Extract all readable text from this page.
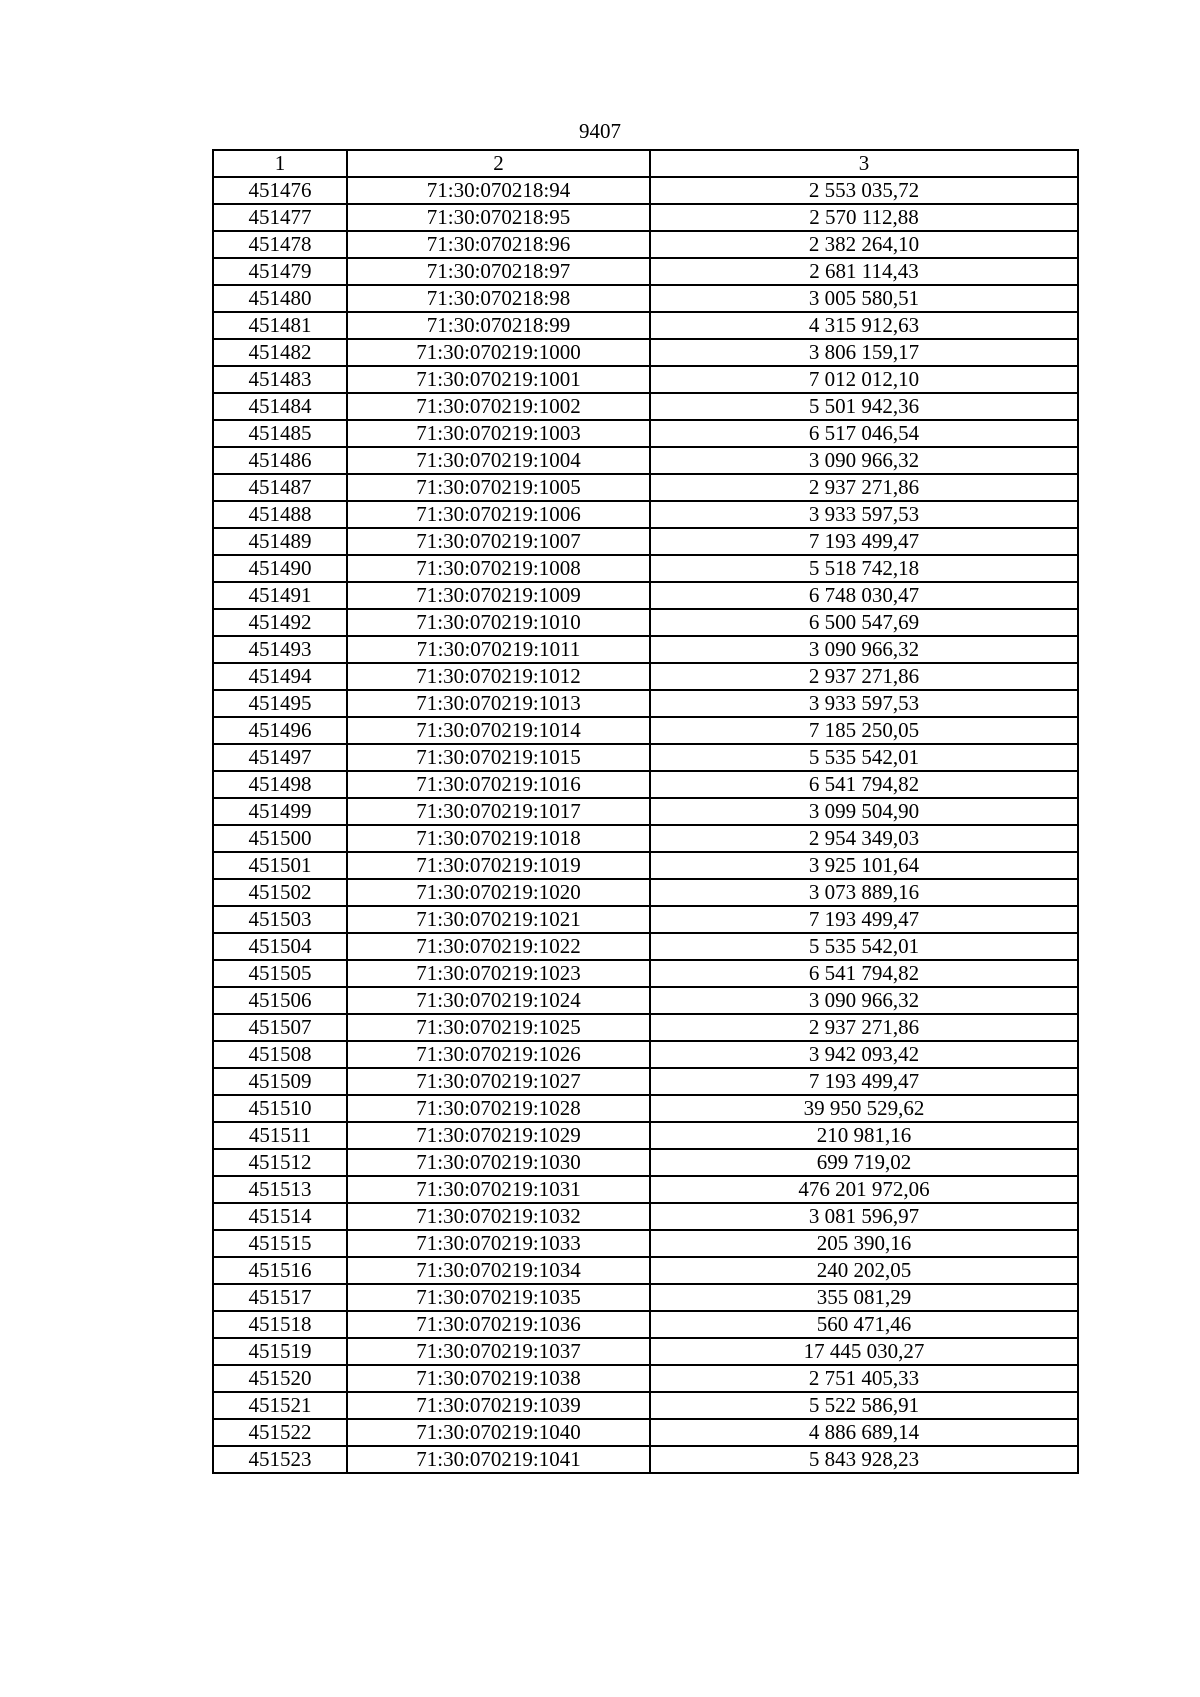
9407
1	2	3
451476	71:30:070218:94	2 553 035,72
451477	71:30:070218:95	2 570 112,88
451478	71:30:070218:96	2 382 264,10
451479	71:30:070218:97	2 681 114,43
451480	71:30:070218:98	3 005 580,51
451481	71:30:070218:99	4 315 912,63
451482	71:30:070219:1000	3 806 159,17
451483	71:30:070219:1001	7 012 012,10
451484	71:30:070219:1002	5 501 942,36
451485	71:30:070219:1003	6 517 046,54
451486	71:30:070219:1004	3 090 966,32
451487	71:30:070219:1005	2 937 271,86
451488	71:30:070219:1006	3 933 597,53
451489	71:30:070219:1007	7 193 499,47
451490	71:30:070219:1008	5 518 742,18
451491	71:30:070219:1009	6 748 030,47
451492	71:30:070219:1010	6 500 547,69
451493	71:30:070219:1011	3 090 966,32
451494	71:30:070219:1012	2 937 271,86
451495	71:30:070219:1013	3 933 597,53
451496	71:30:070219:1014	7 185 250,05
451497	71:30:070219:1015	5 535 542,01
451498	71:30:070219:1016	6 541 794,82
451499	71:30:070219:1017	3 099 504,90
451500	71:30:070219:1018	2 954 349,03
451501	71:30:070219:1019	3 925 101,64
451502	71:30:070219:1020	3 073 889,16
451503	71:30:070219:1021	7 193 499,47
451504	71:30:070219:1022	5 535 542,01
451505	71:30:070219:1023	6 541 794,82
451506	71:30:070219:1024	3 090 966,32
451507	71:30:070219:1025	2 937 271,86
451508	71:30:070219:1026	3 942 093,42
451509	71:30:070219:1027	7 193 499,47
451510	71:30:070219:1028	39 950 529,62
451511	71:30:070219:1029	210 981,16
451512	71:30:070219:1030	699 719,02
451513	71:30:070219:1031	476 201 972,06
451514	71:30:070219:1032	3 081 596,97
451515	71:30:070219:1033	205 390,16
451516	71:30:070219:1034	240 202,05
451517	71:30:070219:1035	355 081,29
451518	71:30:070219:1036	560 471,46
451519	71:30:070219:1037	17 445 030,27
451520	71:30:070219:1038	2 751 405,33
451521	71:30:070219:1039	5 522 586,91
451522	71:30:070219:1040	4 886 689,14
451523	71:30:070219:1041	5 843 928,23
